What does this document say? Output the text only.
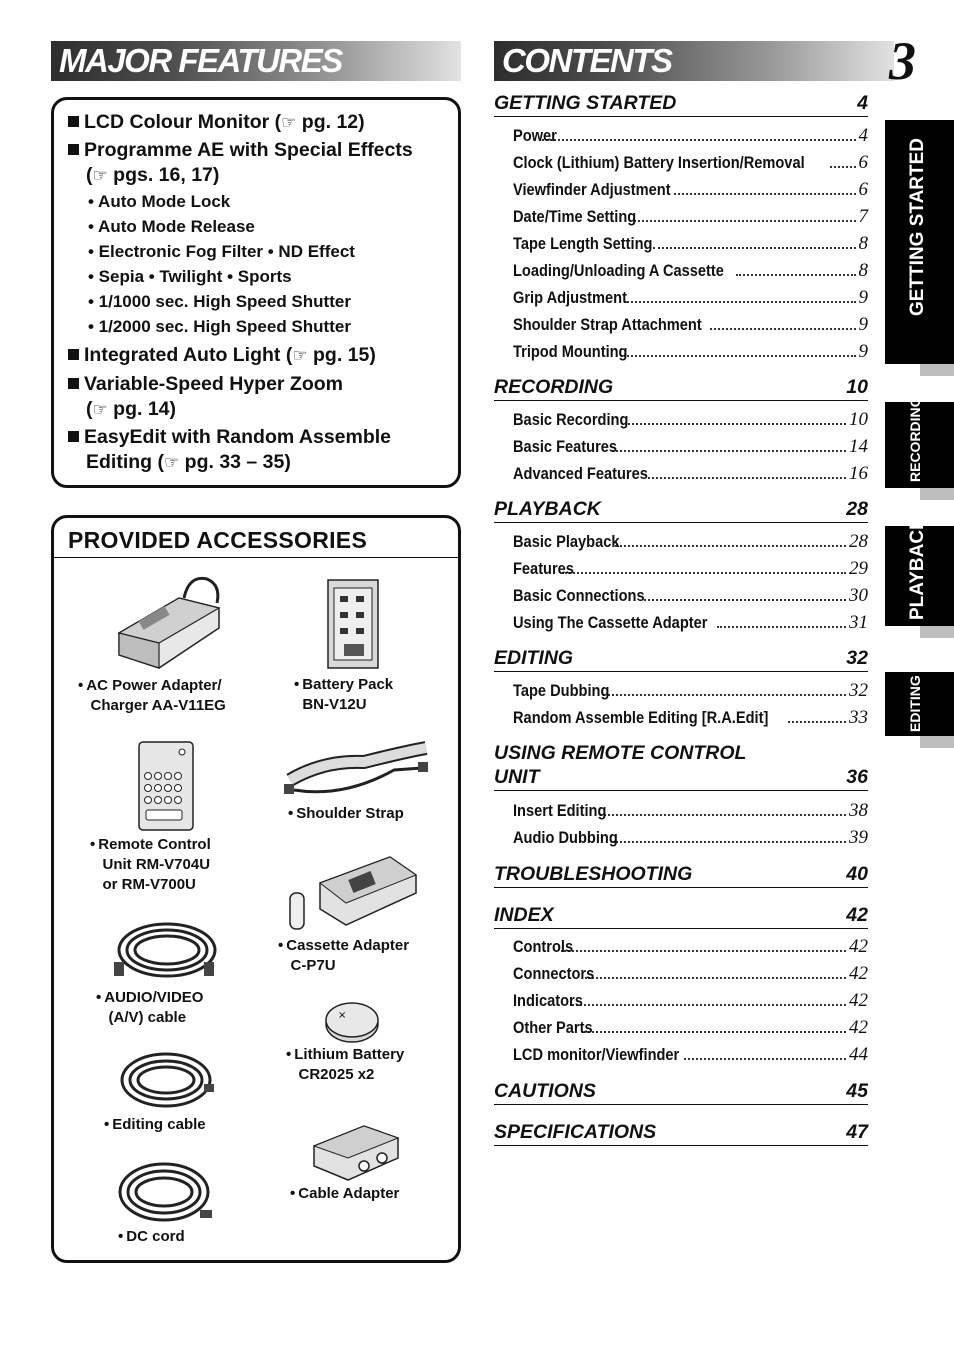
MAJOR FEATURES	CONTENTS	3
LCD Colour Monitor (☞ pg. 12)
Programme AE with Special Effects
(☞ pgs. 16, 17)
• Auto Mode Lock
• Auto Mode Release
• Electronic Fog Filter • ND Effect
• Sepia • Twilight • Sports
• 1/1000 sec. High Speed Shutter
• 1/2000 sec. High Speed Shutter
Integrated Auto Light (☞ pg. 15)
Variable-Speed Hyper Zoom
(☞ pg. 14)
EasyEdit with Random Assemble
Editing (☞ pg. 33 – 35)
PROVIDED ACCESSORIES
• AC Power Adapter/
Charger AA-V11EG
• Battery Pack
BN-V12U
• Remote Control
Unit RM-V704U
or RM-V700U
• Shoulder Strap
• Cassette Adapter
C-P7U
• AUDIO/VIDEO
(A/V) cable	×
• Lithium Battery
CR2025 x2
• Editing cable
• Cable Adapter
• DC cord
GETTING STARTED	4
Power	4
Clock (Lithium) Battery Insertion/Removal	6
Viewfinder Adjustment	6
Date/Time Setting	7
Tape Length Setting	8
Loading/Unloading A Cassette	8
Grip Adjustment	9
Shoulder Strap Attachment	9
Tripod Mounting	9
RECORDING	10
Basic Recording	10
Basic Features	14
Advanced Features	16
PLAYBACK	28
Basic Playback	28
Features	29
Basic Connections	30
Using The Cassette Adapter	31
EDITING	32
Tape Dubbing	32
Random Assemble Editing [R.A.Edit]	33
USING REMOTE CONTROL
UNIT	36
Insert Editing	38
Audio Dubbing	39
TROUBLESHOOTING	40
INDEX	42
Controls	42
Connectors	42
Indicators	42
Other Parts	42
LCD monitor/Viewfinder	44
CAUTIONS	45
SPECIFICATIONS	47
GETTING STARTED
RECORDING
PLAYBACK
EDITING
